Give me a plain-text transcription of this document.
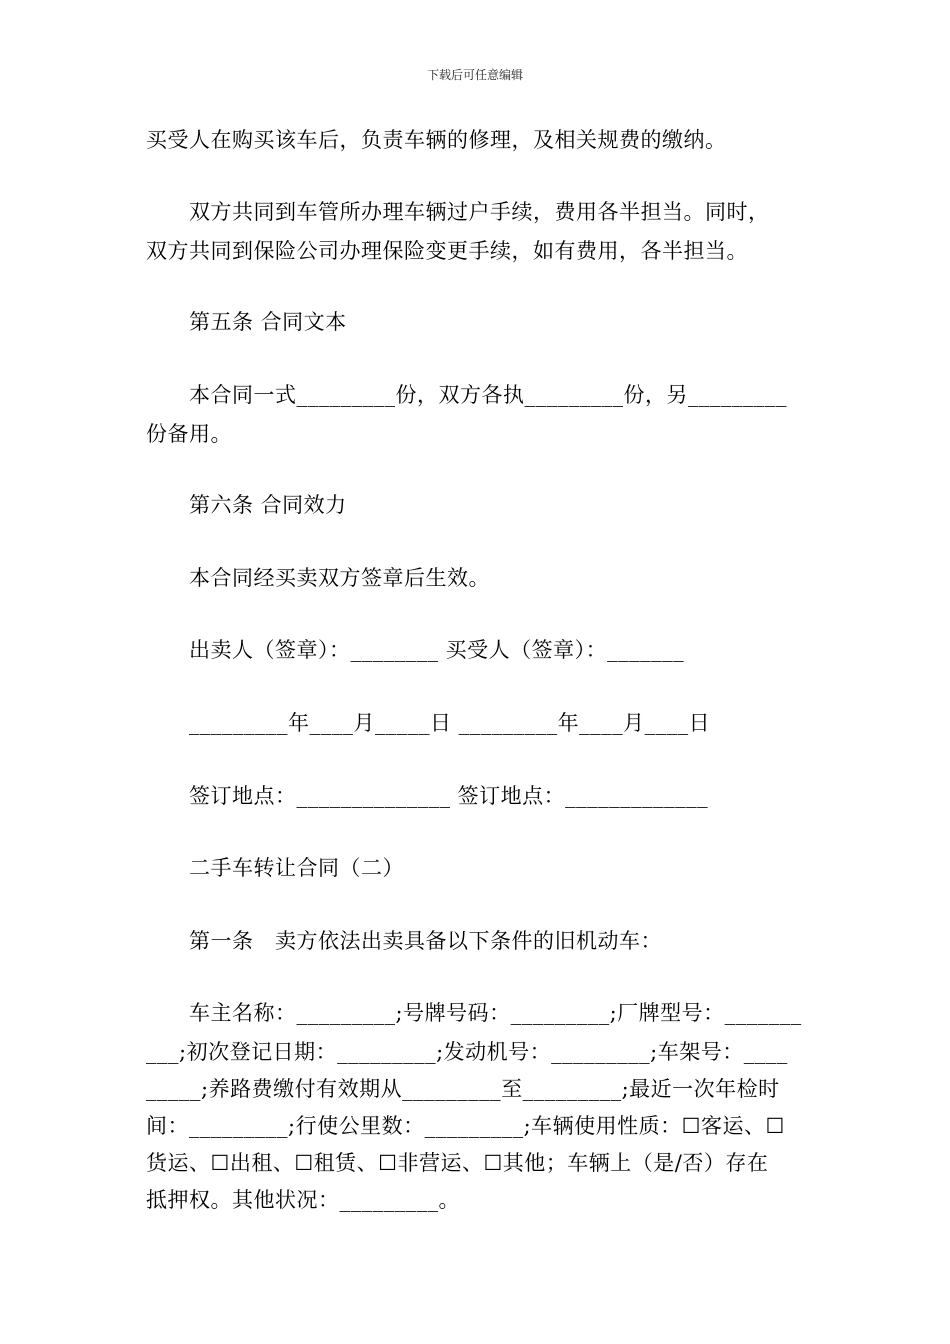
下载后可任意编辑
买受人在购买该车后，负责车辆的修理，及相关规费的缴纳。
双方共同到车管所办理车辆过户手续，费用各半担当。同时，
双方共同到保险公司办理保险变更手续，如有费用，各半担当。
第五条 合同文本
本合同一式_________份，双方各执_________份，另_________
份备用。
第六条 合同效力
本合同经买卖双方签章后生效。
出卖人（签章）：________ 买受人（签章）：_______
_________年____月_____日 _________年____月____日
签订地点：______________ 签订地点：_____________
二手车转让合同（二）
第一条　卖方依法出卖具备以下条件的旧机动车：
车主名称：_________;号牌号码：_________;厂牌型号：_______
___;初次登记日期：_________;发动机号：_________;车架号：____
_____;养路费缴付有效期从_________至_________;最近一次年检时
间：_________;行使公里数：_________;车辆使用性质：☐客运、☐
货运、☐出租、☐租赁、☐非营运、☐其他；车辆上（是/否）存在
抵押权。其他状况：_________。
